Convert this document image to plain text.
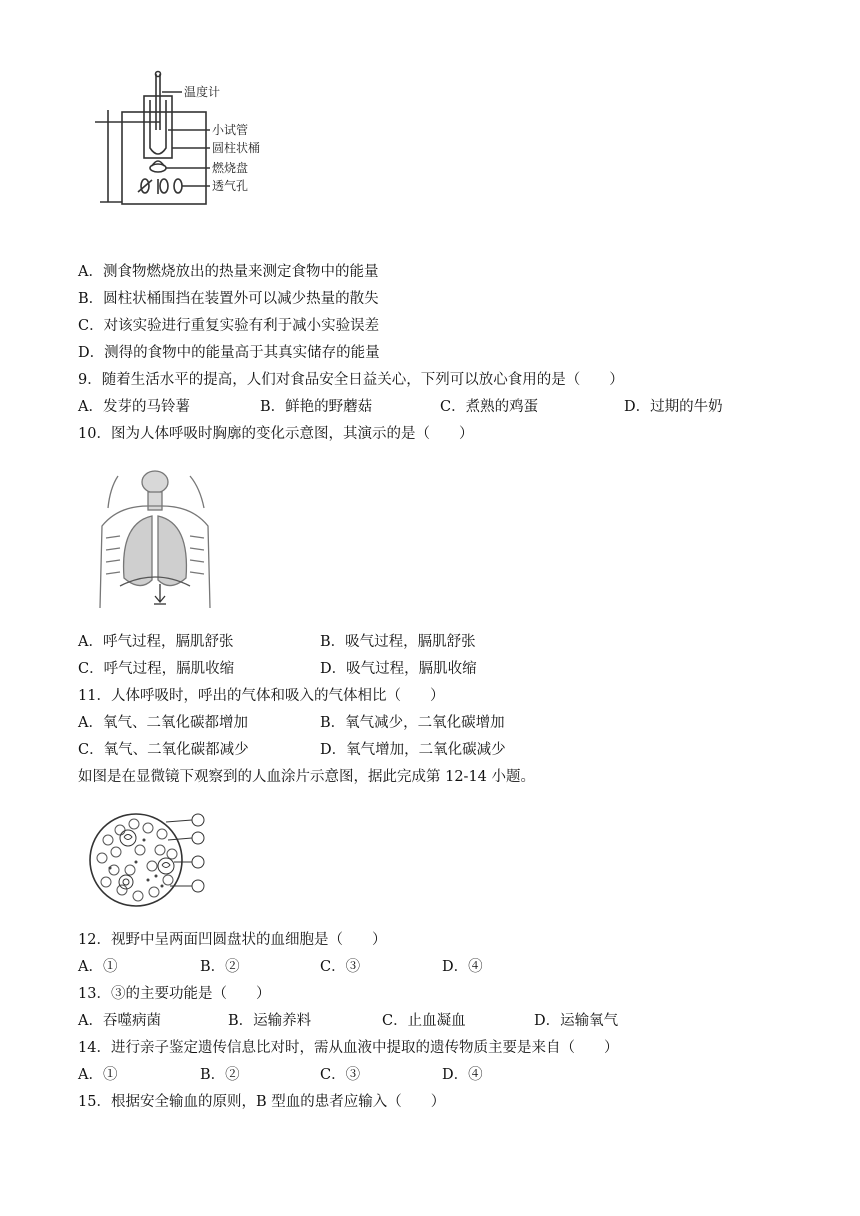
温度计
小试管
圆柱状桶
燃烧盘
透气孔
A．测食物燃烧放出的热量来测定食物中的能量
B．圆柱状桶围挡在装置外可以减少热量的散失
C．对该实验进行重复实验有利于减小实验误差
D．测得的食物中的能量高于其真实储存的能量
9．随着生活水平的提高，人们对食品安全日益关心，下列可以放心食用的是（　　）
A．发芽的马铃薯	B．鲜艳的野蘑菇	C．煮熟的鸡蛋	D．过期的牛奶
10．图为人体呼吸时胸廓的变化示意图，其演示的是（　　）
A．呼气过程，膈肌舒张	B．吸气过程，膈肌舒张
C．呼气过程，膈肌收缩	D．吸气过程，膈肌收缩
11．人体呼吸时，呼出的气体和吸入的气体相比（　　）
A．氧气、二氧化碳都增加	B．氧气减少，二氧化碳增加
C．氧气、二氧化碳都减少	D．氧气增加，二氧化碳减少
如图是在显微镜下观察到的人血涂片示意图，据此完成第 12-14 小题。
12．视野中呈两面凹圆盘状的血细胞是（　　）
A．①	B．②	C．③	D．④
13．③的主要功能是（　　）
A．吞噬病菌	B．运输养料	C．止血凝血	D．运输氧气
14．进行亲子鉴定遗传信息比对时，需从血液中提取的遗传物质主要是来自（　　）
A．①	B．②	C．③	D．④
15．根据安全输血的原则，B 型血的患者应输入（　　）
